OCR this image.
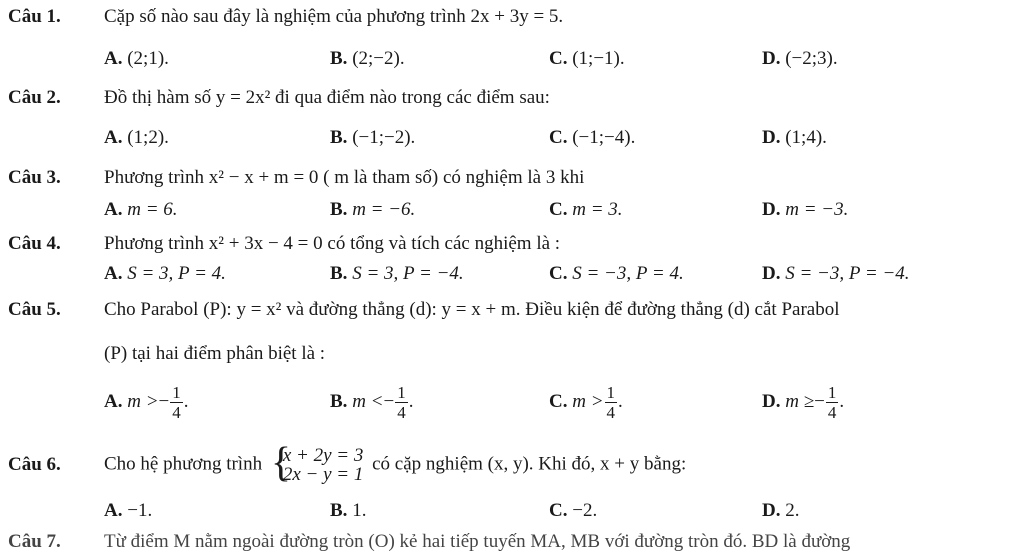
Câu 1. Cặp số nào sau đây là nghiệm của phương trình 2x + 3y = 5.
A. (2;1).	B. (2;−2).	C. (1;−1).	D. (−2;3).
Câu 2. Đồ thị hàm số y = 2x² đi qua điểm nào trong các điểm sau:
A. (1;2).	B. (−1;−2).	C. (−1;−4).	D. (1;4).
Câu 3. Phương trình x² − x + m = 0 ( m là tham số) có nghiệm là 3 khi
A. m = 6.	B. m = −6.	C. m = 3.	D. m = −3.
Câu 4. Phương trình x² + 3x − 4 = 0 có tổng và tích các nghiệm là :
A. S = 3, P = 4.	B. S = 3, P = −4.	C. S = −3, P = 4.	D. S = −3, P = −4.
Câu 5. Cho Parabol (P): y = x² và đường thẳng (d): y = x + m. Điều kiện để đường thẳng (d) cắt Parabol
(P) tại hai điểm phân biệt là :
A. $m >- \frac{1}{4}$ .	B. $m <- \frac{1}{4}$ .	C. $m > \frac{1}{4}$ .	D. $m \ge- \frac{1}{4}$ .
Câu 6. Cho hệ phương trình {
x + 2y = 3
2x − y = 1
có cặp nghiệm (x, y). Khi đó, x + y bằng:
A. −1.	B. 1.	C. −2.	D. 2.
Câu 7. Từ điểm M nằm ngoài đường tròn (O) kẻ hai tiếp tuyến MA, MB với đường tròn đó. BD là đường
